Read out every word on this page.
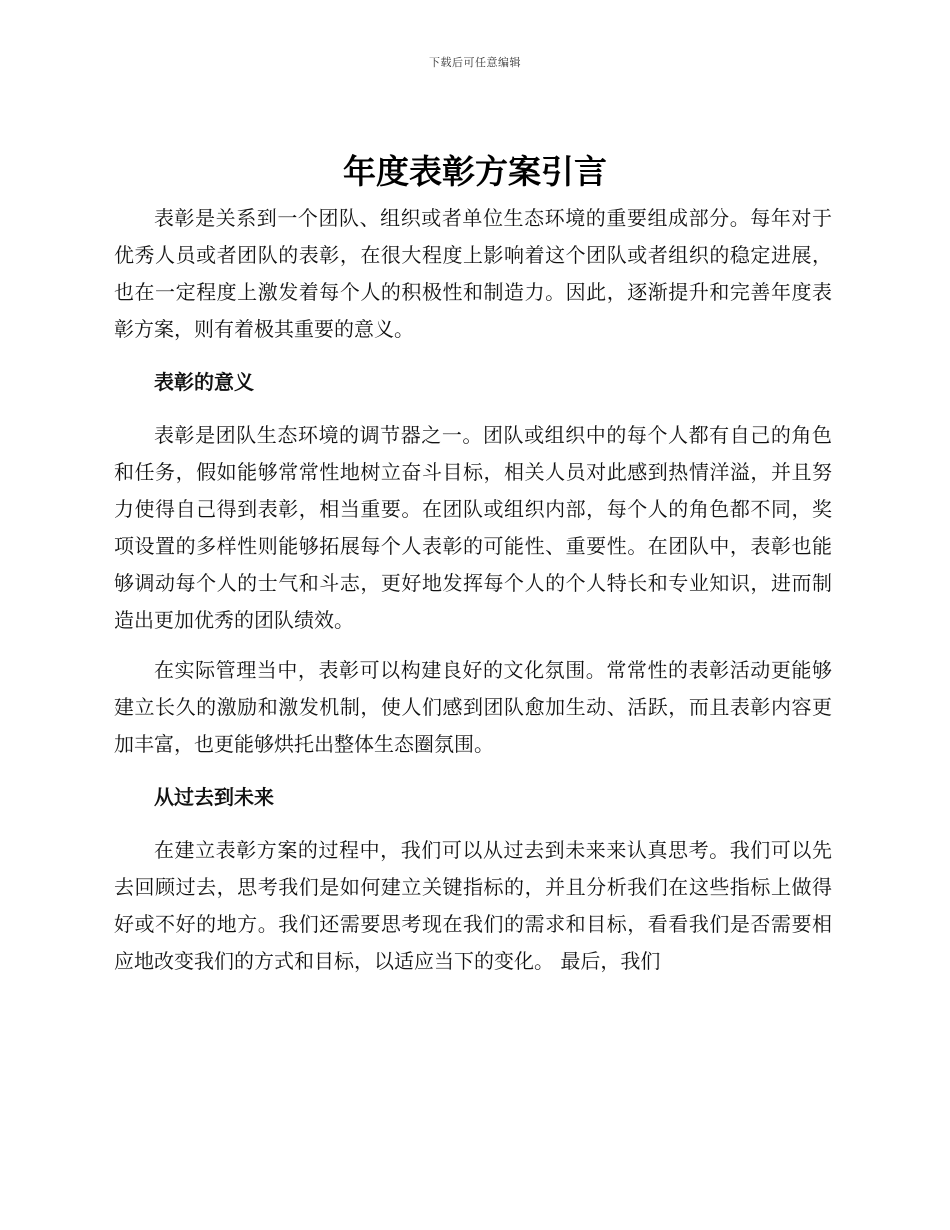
下载后可任意编辑
年度表彰方案引言

表彰是关系到一个团队、组织或者单位生态环境的重要组成部分。每年对于优秀人员或者团队的表彰，在很大程度上影响着这个团队或者组织的稳定进展，也在一定程度上激发着每个人的积极性和制造力。因此，逐渐提升和完善年度表彰方案，则有着极其重要的意义。

表彰的意义

表彰是团队生态环境的调节器之一。团队或组织中的每个人都有自己的角色和任务，假如能够常常性地树立奋斗目标，相关人员对此感到热情洋溢，并且努力使得自己得到表彰，相当重要。在团队或组织内部，每个人的角色都不同，奖项设置的多样性则能够拓展每个人表彰的可能性、重要性。在团队中，表彰也能够调动每个人的士气和斗志，更好地发挥每个人的个人特长和专业知识，进而制造出更加优秀的团队绩效。

在实际管理当中，表彰可以构建良好的文化氛围。常常性的表彰活动更能够建立长久的激励和激发机制，使人们感到团队愈加生动、活跃，而且表彰内容更加丰富，也更能够烘托出整体生态圈氛围。

从过去到未来

在建立表彰方案的过程中，我们可以从过去到未来来认真思考。我们可以先去回顾过去，思考我们是如何建立关键指标的，并且分析我们在这些指标上做得好或不好的地方。我们还需要思考现在我们的需求和目标，看看我们是否需要相应地改变我们的方式和目标，以适应当下的变化。 最后，我们
